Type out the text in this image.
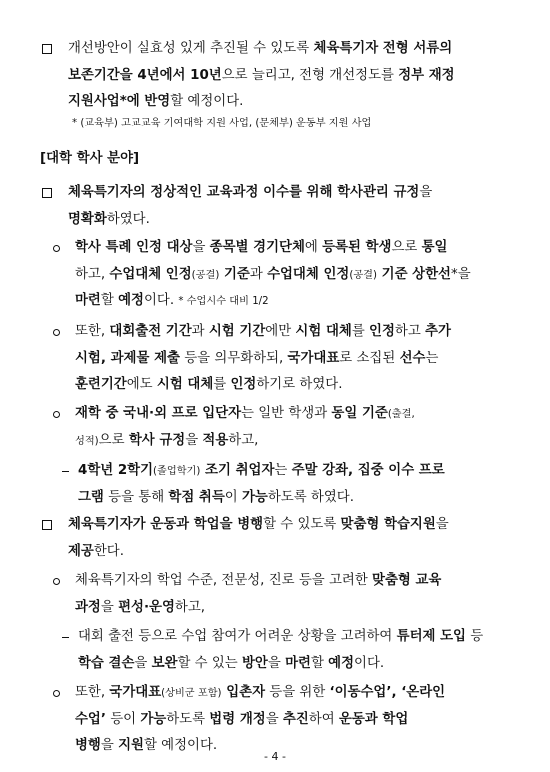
개선방안이 실효성 있게 추진될 수 있도록 체육특기자 전형 서류의
보존기간을 4년에서 10년으로 늘리고, 전형 개선정도를 정부 재정
지원사업*에 반영할 예정이다.
* (교육부) 고교교육 기여대학 지원 사업, (문체부) 운동부 지원 사업
[대학 학사 분야]
체육특기자의 정상적인 교육과정 이수를 위해 학사관리 규정을
명확화하였다.
학사 특례 인정 대상을 종목별 경기단체에 등록된 학생으로 통일
하고, 수업대체 인정(공결) 기준과 수업대체 인정(공결) 기준 상한선*을
마련할 예정이다. * 수업시수 대비 1/2
또한, 대회출전 기간과 시험 기간에만 시험 대체를 인정하고 추가
시험, 과제물 제출 등을 의무화하되, 국가대표로 소집된 선수는
훈련기간에도 시험 대체를 인정하기로 하였다.
재학 중 국내·외 프로 입단자는 일반 학생과 동일 기준(출결,
성적)으로 학사 규정을 적용하고,
4학년 2학기(졸업학기) 조기 취업자는 주말 강좌, 집중 이수 프로
그램 등을 통해 학점 취득이 가능하도록 하였다.
체육특기자가 운동과 학업을 병행할 수 있도록 맞춤형 학습지원을
제공한다.
체육특기자의 학업 수준, 전문성, 진로 등을 고려한 맞춤형 교육
과정을 편성·운영하고,
대회 출전 등으로 수업 참여가 어려운 상황을 고려하여 튜터제 도입 등
학습 결손을 보완할 수 있는 방안을 마련할 예정이다.
또한, 국가대표(상비군 포함) 입촌자 등을 위한 ‘이동수업’, ‘온라인
수업’ 등이 가능하도록 법령 개정을 추진하여 운동과 학업
병행을 지원할 예정이다.
- 4 -
